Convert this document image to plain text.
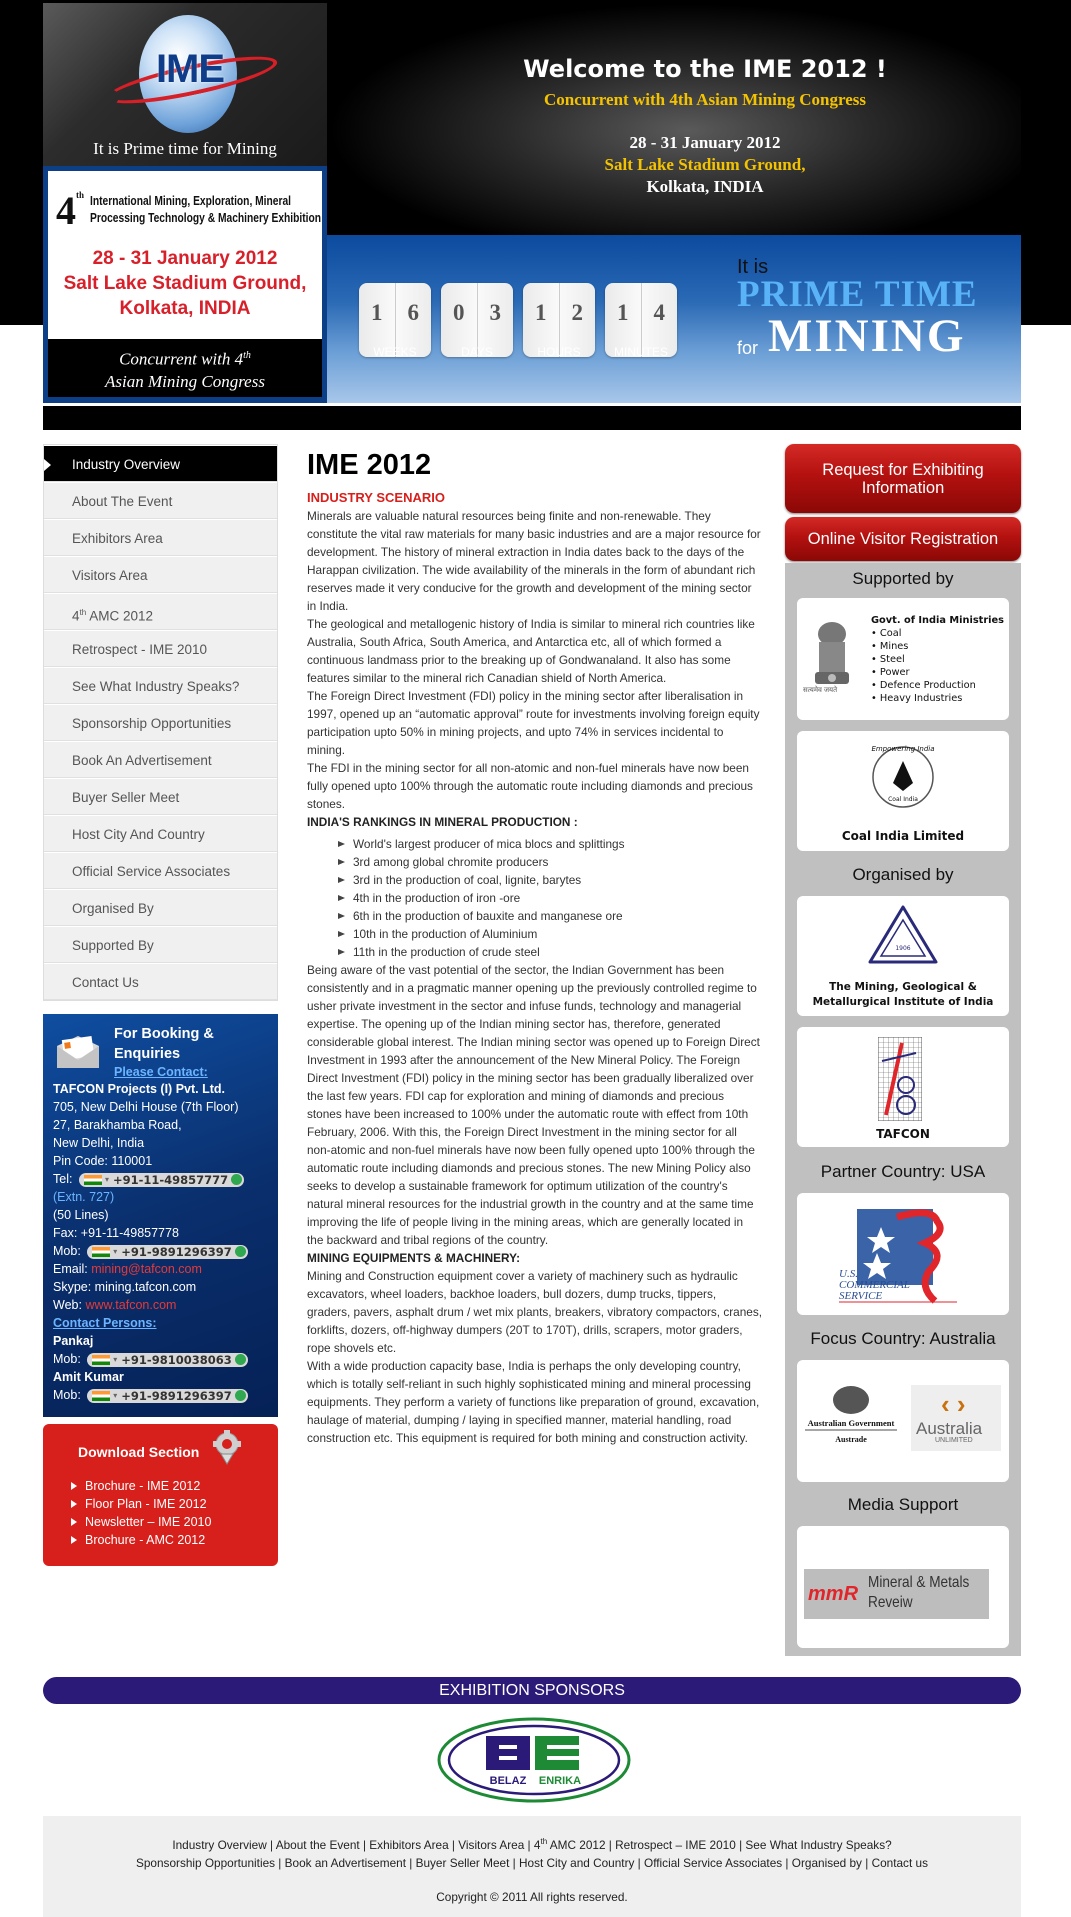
IME
It is Prime time for Mining
4th International Mining, Exploration, Mineral
Processing Technology & Machinery Exhibition
28 - 31 January 2012
Salt Lake Stadium Ground,
Kolkata, INDIA
Concurrent with 4th
Asian Mining Congress
Welcome to the IME 2012 !
Concurrent with 4th Asian Mining Congress
28 - 31 January 2012
Salt Lake Stadium Ground,
Kolkata, INDIA
1	6
WEEKS
0	3
DAYS
1	2
HOURS
1	4
MINUTES
It is
PRIME TIME
for MINING
Industry Overview
About The Event
Exhibitors Area
Visitors Area
4th AMC 2012
Retrospect - IME 2010
See What Industry Speaks?
Sponsorship Opportunities
Book An Advertisement
Buyer Seller Meet
Host City And Country
Official Service Associates
Organised By
Supported By
Contact Us
For Booking & Enquiries
Please Contact:
TAFCON Projects (I) Pvt. Ltd.
705, New Delhi House (7th Floor)
27, Barakhamba Road,
New Delhi, India
Pin Code: 110001
Tel:	▾ +91-11-49857777
(Extn. 727)
(50 Lines)
Fax: +91-11-49857778
Mob:	▾ +91-9891296397
Email: mining@tafcon.com
Skype: mining.tafcon.com
Web: www.tafcon.com
Contact Persons:
Pankaj
Mob:	▾ +91-9810038063
Amit Kumar
Mob:	▾ +91-9891296397
Download Section
Brochure - IME 2012
Floor Plan - IME 2012
Newsletter – IME 2010
Brochure - AMC 2012
IME 2012
INDUSTRY SCENARIO

Minerals are valuable natural resources being finite and non-renewable. They constitute the vital raw materials for many basic industries and are a major resource for development. The history of mineral extraction in India dates back to the days of the Harappan civilization. The wide availability of the minerals in the form of abundant rich reserves made it very conducive for the growth and development of the mining sector in India.

The geological and metallogenic history of India is similar to mineral rich countries like Australia, South Africa, South America, and Antarctica etc, all of which formed a continuous landmass prior to the breaking up of Gondwanaland. It also has some features similar to the mineral rich Canadian shield of North America.

The Foreign Direct Investment (FDI) policy in the mining sector after liberalisation in 1997, opened up an “automatic approval” route for investments involving foreign equity participation upto 50% in mining projects, and upto 74% in services incidental to mining.

The FDI in the mining sector for all non-atomic and non-fuel minerals have now been fully opened upto 100% through the automatic route including diamonds and precious stones.

INDIA'S RANKINGS IN MINERAL PRODUCTION :
World's largest producer of mica blocs and splittings
3rd among global chromite producers
3rd in the production of coal, lignite, barytes
4th in the production of iron -ore
6th in the production of bauxite and manganese ore
10th in the production of Aluminium
11th in the production of crude steel

Being aware of the vast potential of the sector, the Indian Government has been consistently and in a pragmatic manner opening up the previously controlled regime to usher private investment in the sector and infuse funds, technology and managerial expertise. The opening up of the Indian mining sector has, therefore, generated considerable global interest. The Indian mining sector was opened up to Foreign Direct Investment in 1993 after the announcement of the New Mineral Policy. The Foreign Direct Investment (FDI) policy in the mining sector has been gradually liberalized over the last few years. FDI cap for exploration and mining of diamonds and precious stones have been increased to 100% under the automatic route with effect from 10th February, 2006. With this, the Foreign Direct Investment in the mining sector for all non-atomic and non-fuel minerals have now been fully opened upto 100% through the automatic route including diamonds and precious stones. The new Mining Policy also seeks to develop a sustainable framework for optimum utilization of the country's natural mineral resources for the industrial growth in the country and at the same time improving the life of people living in the mining areas, which are generally located in the backward and tribal regions of the country.

MINING EQUIPMENTS & MACHINERY:

Mining and Construction equipment cover a variety of machinery such as hydraulic excavators, wheel loaders, backhoe loaders, bull dozers, dump trucks, tippers, graders, pavers, asphalt drum / wet mix plants, breakers, vibratory compactors, cranes, forklifts, dozers, off-highway dumpers (20T to 170T), drills, scrapers, motor graders, rope shovels etc.

With a wide production capacity base, India is perhaps the only developing country, which is totally self-reliant in such highly sophisticated mining and mineral processing equipments. They perform a variety of functions like preparation of ground, excavation, haulage of material, dumping / laying in specified manner, material handling, road construction etc. This equipment is required for both mining and construction activity.

Request for Exhibiting Information
Online Visitor Registration
Supported by
सत्यमेव जयते
Govt. of India Ministries
• Coal
• Mines
• Steel
• Power
• Defence Production
• Heavy Industries
Empowering India
Coal India
Coal India Limited
Organised by
1906
The Mining, Geological &
Metallurgical Institute of India
TAFCON
Partner Country: USA
U.S.
COMMERCIAL
SERVICE
Focus Country: Australia
Australian Government
Austrade
‹ ›
Australia
UNLIMITED
Media Support
mmR
Mineral & Metals
Reveiw
EXHIBITION SPONSORS
BELAZ ENRIKA
Industry Overview | About the Event | Exhibitors Area | Visitors Area | 4th AMC 2012 | Retrospect – IME 2010 | See What Industry Speaks?
Sponsorship Opportunities | Book an Advertisement | Buyer Seller Meet | Host City and Country | Official Service Associates | Organised by | Contact us
Copyright © 2011 All rights reserved.
